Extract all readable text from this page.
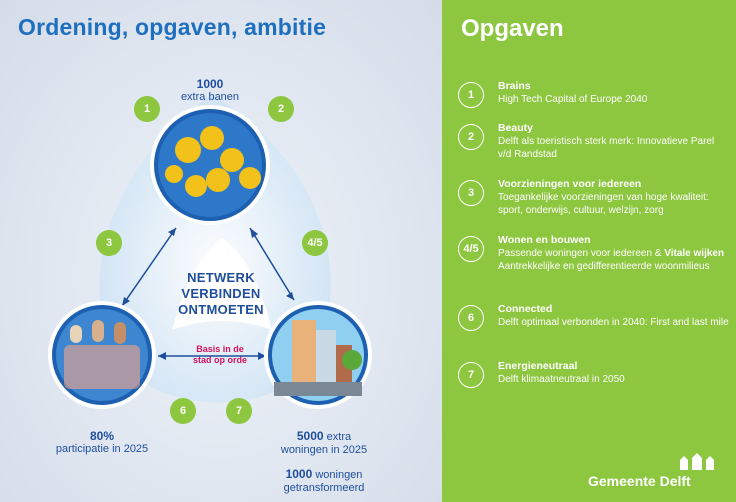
Ordening, opgaven, ambitie
1	2
3	4/5
6	7
1000
extra banen
NETWERK
VERBINDEN
ONTMOETEN
Basis in de
stad op orde
80%
participatie in 2025
5000 extra
woningen in 2025
1000 woningen
getransformeerd
Opgaven
1
Brains
High Tech Capital of Europe 2040
2
Beauty
Delft als toeristisch sterk merk: Innovatieve Parel v/d Randstad
3
Voorzieningen voor iedereen
Toegankelijke voorzieningen van hoge kwaliteit: sport, onderwijs, cultuur, welzijn, zorg
4/5
Wonen en bouwen
Passende woningen voor iedereen & Vitale wijken Aantrekkelijke en gedifferentieerde woonmilieus
6
Connected
Delft optimaal verbonden in 2040: First and last mile
7
Energieneutraal
Delft klimaatneutraal in 2050
Gemeente Delft
